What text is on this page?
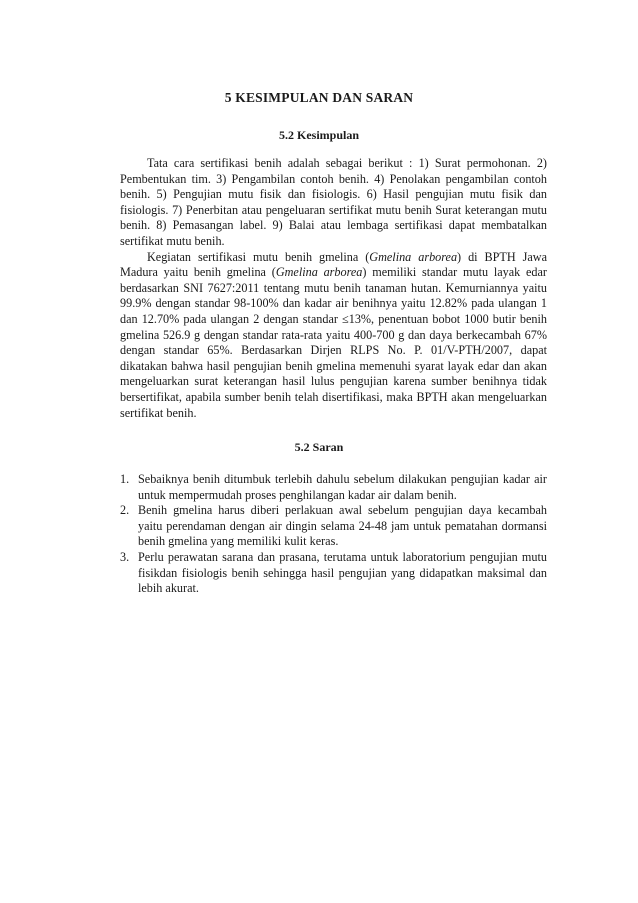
5 KESIMPULAN DAN SARAN
5.2 Kesimpulan

Tata cara sertifikasi benih adalah sebagai berikut : 1) Surat permohonan. 2) Pembentukan tim. 3) Pengambilan contoh benih. 4) Penolakan pengambilan contoh benih. 5) Pengujian mutu fisik dan fisiologis. 6) Hasil pengujian mutu fisik dan fisiologis. 7) Penerbitan atau pengeluaran sertifikat mutu benih Surat keterangan mutu benih. 8) Pemasangan label. 9) Balai atau lembaga sertifikasi dapat membatalkan sertifikat mutu benih.

Kegiatan sertifikasi mutu benih gmelina (Gmelina arborea) di BPTH Jawa Madura yaitu benih gmelina (Gmelina arborea) memiliki standar mutu layak edar berdasarkan SNI 7627:2011 tentang mutu benih tanaman hutan. Kemurniannya yaitu 99.9% dengan standar 98-100% dan kadar air benihnya yaitu 12.82% pada ulangan 1 dan 12.70% pada ulangan 2 dengan standar ≤13%, penentuan bobot 1000 butir benih gmelina 526.9 g dengan standar rata-rata yaitu 400-700 g dan daya berkecambah 67% dengan standar 65%. Berdasarkan Dirjen RLPS No. P. 01/V-PTH/2007, dapat dikatakan bahwa hasil pengujian benih gmelina memenuhi syarat layak edar dan akan mengeluarkan surat keterangan hasil lulus pengujian karena sumber benihnya tidak bersertifikat, apabila sumber benih telah disertifikasi, maka BPTH akan mengeluarkan sertifikat benih.

5.2 Saran
1. Sebaiknya benih ditumbuk terlebih dahulu sebelum dilakukan pengujian kadar air untuk mempermudah proses penghilangan kadar air dalam benih.
2. Benih gmelina harus diberi perlakuan awal sebelum pengujian daya kecambah yaitu perendaman dengan air dingin selama 24-48 jam untuk pematahan dormansi benih gmelina yang memiliki kulit keras.
3. Perlu perawatan sarana dan prasana, terutama untuk laboratorium pengujian mutu fisikdan fisiologis benih sehingga hasil pengujian yang didapatkan maksimal dan lebih akurat.
